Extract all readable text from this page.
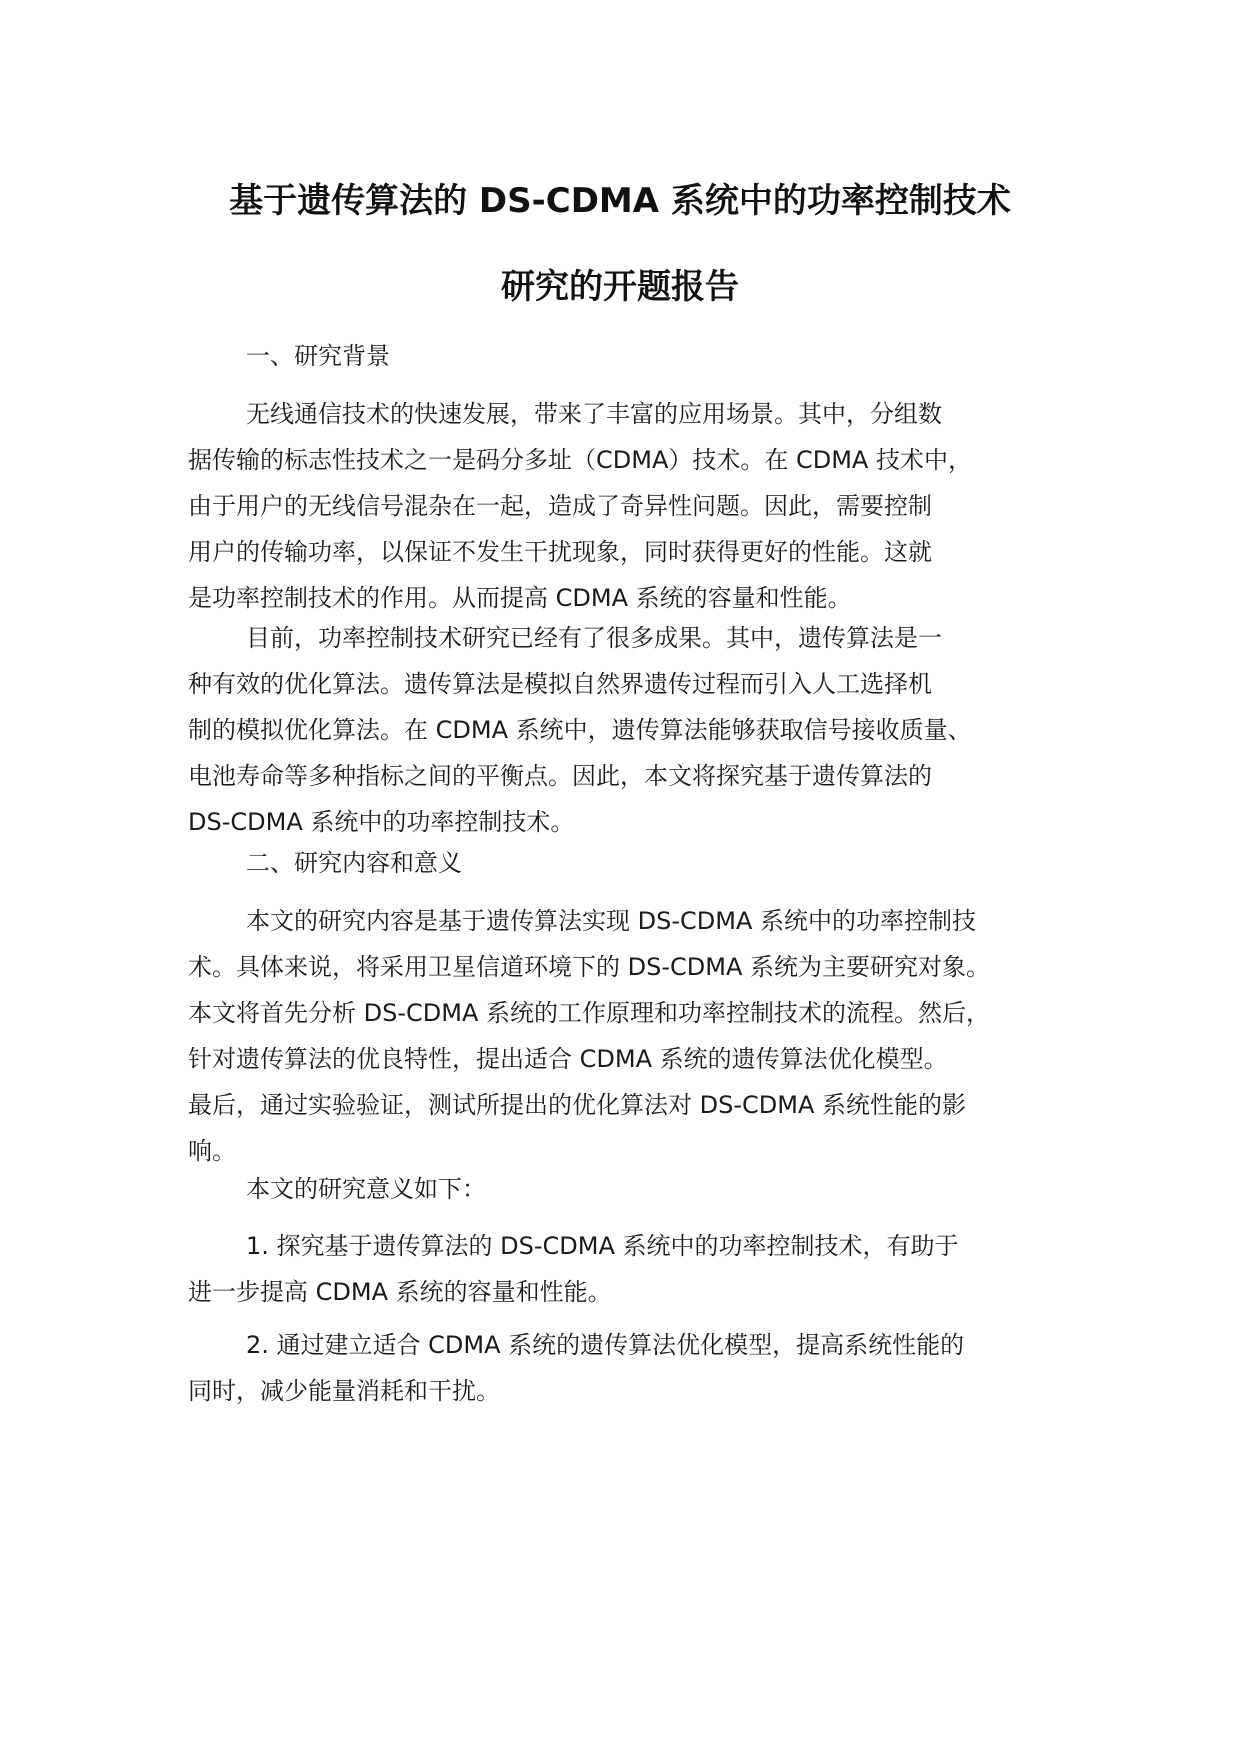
基于遗传算法的 DS-CDMA 系统中的功率控制技术
研究的开题报告

一、研究背景

无线通信技术的快速发展，带来了丰富的应用场景。其中，分组数
据传输的标志性技术之一是码分多址（CDMA）技术。在 CDMA 技术中，
由于用户的无线信号混杂在一起，造成了奇异性问题。因此，需要控制
用户的传输功率，以保证不发生干扰现象，同时获得更好的性能。这就
是功率控制技术的作用。从而提高 CDMA 系统的容量和性能。

目前，功率控制技术研究已经有了很多成果。其中，遗传算法是一
种有效的优化算法。遗传算法是模拟自然界遗传过程而引入人工选择机
制的模拟优化算法。在 CDMA 系统中，遗传算法能够获取信号接收质量、
电池寿命等多种指标之间的平衡点。因此，本文将探究基于遗传算法的
DS-CDMA 系统中的功率控制技术。

二、研究内容和意义

本文的研究内容是基于遗传算法实现 DS-CDMA 系统中的功率控制技
术。具体来说，将采用卫星信道环境下的 DS-CDMA 系统为主要研究对象。
本文将首先分析 DS-CDMA 系统的工作原理和功率控制技术的流程。然后，
针对遗传算法的优良特性，提出适合 CDMA 系统的遗传算法优化模型。
最后，通过实验验证，测试所提出的优化算法对 DS-CDMA 系统性能的影
响。

本文的研究意义如下：

1. 探究基于遗传算法的 DS-CDMA 系统中的功率控制技术，有助于
进一步提高 CDMA 系统的容量和性能。

2. 通过建立适合 CDMA 系统的遗传算法优化模型，提高系统性能的
同时，减少能量消耗和干扰。
